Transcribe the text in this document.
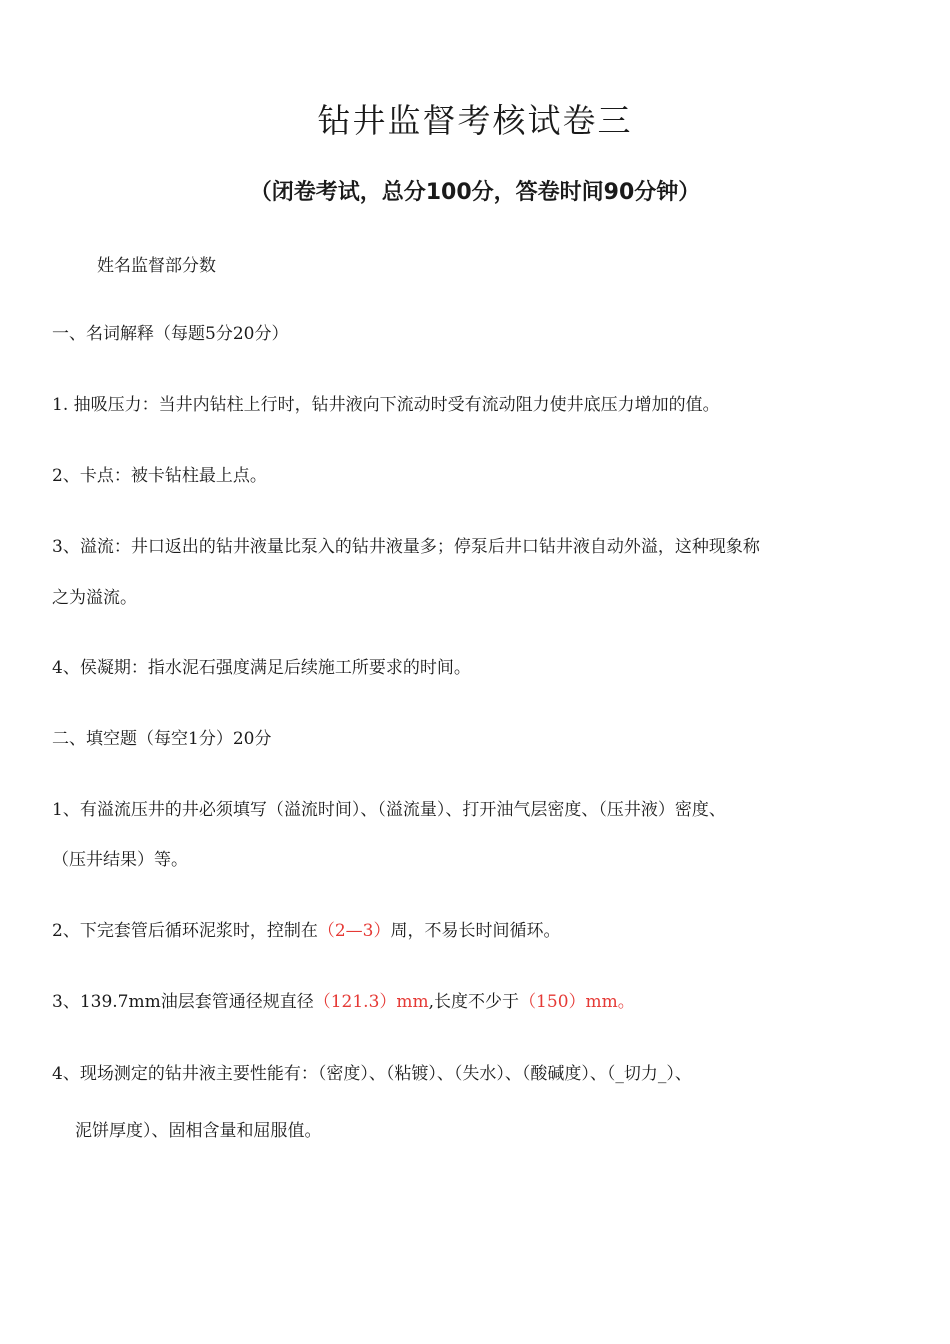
钻井监督考核试卷三
（闭卷考试，总分100分，答卷时间90分钟）
姓名监督部分数
一、名词解释（每题5分20分）
1. 抽吸压力：当井内钻柱上行时，钻井液向下流动时受有流动阻力使井底压力增加的值。
2、卡点：被卡钻柱最上点。
3、溢流：井口返出的钻井液量比泵入的钻井液量多；停泵后井口钻井液自动外溢，这种现象称
之为溢流。
4、侯凝期：指水泥石强度满足后续施工所要求的时间。
二、填空题（每空1分）20分
1、有溢流压井的井必须填写（溢流时间）、（溢流量）、打开油气层密度、（压井液）密度、
（压井结果）等。
2、下完套管后循环泥浆时，控制在（2—3）周，不易长时间循环。
3、139.7mm油层套管通径规直径（121.3）mm,长度不少于（150）mm。
4、现场测定的钻井液主要性能有：（密度）、（粘镀）、（失水）、（酸碱度）、（_切力_）、
泥饼厚度）、固相含量和屈服值。
